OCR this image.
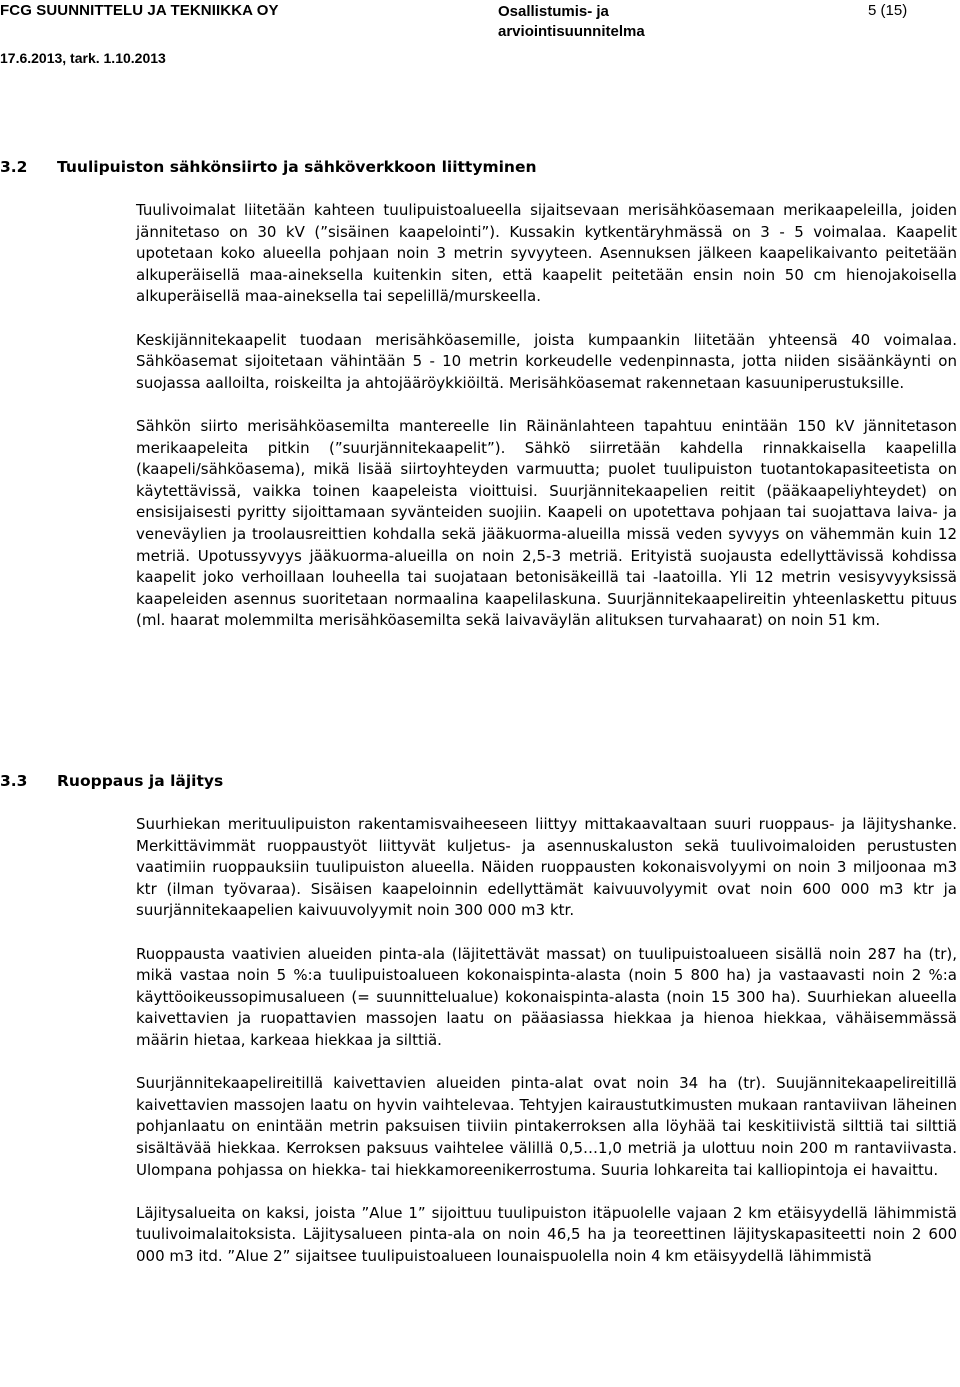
FCG SUUNNITTELU JA TEKNIIKKA OY	Osallistumis- ja arviointisuunnitelma
5 (15)
17.6.2013, tark. 1.10.2013
3.2 Tuulipuiston sähkönsiirto ja sähköverkkoon liittyminen

Tuulivoimalat liitetään kahteen tuulipuistoalueella sijaitsevaan merisähköasemaan merikaapeleilla, joiden jännitetaso on 30 kV (”sisäinen kaapelointi”). Kussakin kytkentäryhmässä on 3 - 5 voimalaa. Kaapelit upotetaan koko alueella pohjaan noin 3 metrin syvyyteen. Asennuksen jälkeen kaapelikaivanto peitetään alkuperäisellä maa-aineksella kuitenkin siten, että kaapelit peitetään ensin noin 50 cm hienojakoisella alkuperäisellä maa-aineksella tai sepelillä/murskeella.

Keskijännitekaapelit tuodaan merisähköasemille, joista kumpaankin liitetään yhteensä 40 voimalaa. Sähköasemat sijoitetaan vähintään 5 - 10 metrin korkeudelle vedenpinnasta, jotta niiden sisäänkäynti on suojassa aalloilta, roiskeilta ja ahtojääröykkiöiltä. Merisähköasemat rakennetaan kasuuniperustuksille.

Sähkön siirto merisähköasemilta mantereelle Iin Räinänlahteen tapahtuu enintään 150 kV jännitetason merikaapeleita pitkin (”suurjännitekaapelit”). Sähkö siirretään kahdella rinnakkaisella kaapelilla (kaapeli/sähköasema), mikä lisää siirtoyhteyden varmuutta; puolet tuulipuiston tuotantokapasiteetista on käytettävissä, vaikka toinen kaapeleista vioittuisi. Suurjännitekaapelien reitit (pääkaapeliyhteydet) on ensisijaisesti pyritty sijoittamaan syvänteiden suojiin. Kaapeli on upotettava pohjaan tai suojattava laiva- ja veneväylien ja troolausreittien kohdalla sekä jääkuorma-alueilla missä veden syvyys on vähemmän kuin 12 metriä. Upotussyvyys jääkuorma-alueilla on noin 2,5-3 metriä. Erityistä suojausta edellyttävissä kohdissa kaapelit joko verhoillaan louheella tai suojataan betonisäkeillä tai -laatoilla. Yli 12 metrin vesisyvyyksissä kaapeleiden asennus suoritetaan normaalina kaapelilaskuna. Suurjännitekaapelireitin yhteenlaskettu pituus (ml. haarat molemmilta merisähköasemilta sekä laivaväylän alituksen turvahaarat) on noin 51 km.

3.3 Ruoppaus ja läjitys

Suurhiekan merituulipuiston rakentamisvaiheeseen liittyy mittakaavaltaan suuri ruoppaus- ja läjityshanke. Merkittävimmät ruoppaustyöt liittyvät kuljetus- ja asennuskaluston sekä tuulivoimaloiden perustusten vaatimiin ruoppauksiin tuulipuiston alueella. Näiden ruoppausten kokonaisvolyymi on noin 3 miljoonaa m3 ktr (ilman työvaraa). Sisäisen kaapeloinnin edellyttämät kaivuuvolyymit ovat noin 600 000 m3 ktr ja suurjännitekaapelien kaivuuvolyymit noin 300 000 m3 ktr.

Ruoppausta vaativien alueiden pinta-ala (läjitettävät massat) on tuulipuistoalueen sisällä noin 287 ha (tr), mikä vastaa noin 5 %:a tuulipuistoalueen kokonaispinta-alasta (noin 5 800 ha) ja vastaavasti noin 2 %:a käyttöoikeussopimusalueen (= suunnittelualue) kokonaispinta-alasta (noin 15 300 ha). Suurhiekan alueella kaivettavien ja ruopattavien massojen laatu on pääasiassa hiekkaa ja hienoa hiekkaa, vähäisemmässä määrin hietaa, karkeaa hiekkaa ja silttiä.

Suurjännitekaapelireitillä kaivettavien alueiden pinta-alat ovat noin 34 ha (tr). Suujännitekaapelireitillä kaivettavien massojen laatu on hyvin vaihtelevaa. Tehtyjen kairaustutkimusten mukaan rantaviivan läheinen pohjanlaatu on enintään metrin paksuisen tiiviin pintakerroksen alla löyhää tai keskitiivistä silttiä tai silttiä sisältävää hiekkaa. Kerroksen paksuus vaihtelee välillä 0,5…1,0 metriä ja ulottuu noin 200 m rantaviivasta. Ulompana pohjassa on hiekka- tai hiekkamoreenikerrostuma. Suuria lohkareita tai kalliopintoja ei havaittu.

Läjitysalueita on kaksi, joista ”Alue 1” sijoittuu tuulipuiston itäpuolelle vajaan 2 km etäisyydellä lähimmistä tuulivoimalaitoksista. Läjitysalueen pinta-ala on noin 46,5 ha ja teoreettinen läjityskapasiteetti noin 2 600 000 m3 itd. ”Alue 2” sijaitsee tuulipuistoalueen lounaispuolella noin 4 km etäisyydellä lähimmistä
